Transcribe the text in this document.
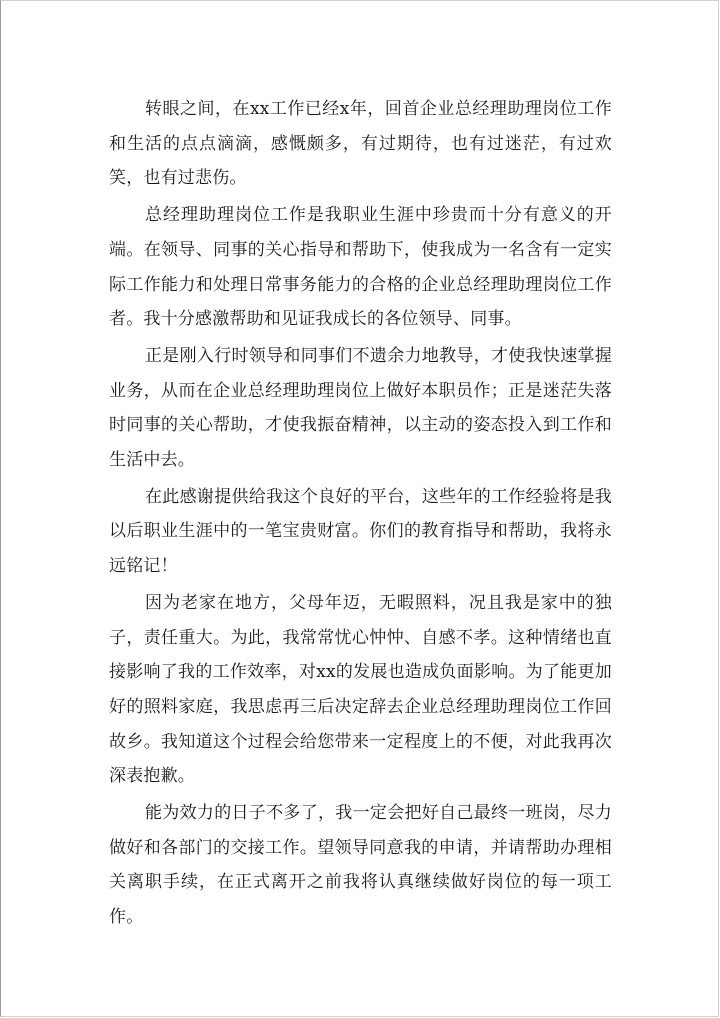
转眼之间，在xx工作已经x年，回首企业总经理助理岗位工作和生活的点点滴滴，感慨颇多，有过期待，也有过迷茫，有过欢笑，也有过悲伤。

总经理助理岗位工作是我职业生涯中珍贵而十分有意义的开端。在领导、同事的关心指导和帮助下，使我成为一名含有一定实际工作能力和处理日常事务能力的合格的企业总经理助理岗位工作者。我十分感激帮助和见证我成长的各位领导、同事。

正是刚入行时领导和同事们不遗余力地教导，才使我快速掌握业务，从而在企业总经理助理岗位上做好本职员作；正是迷茫失落时同事的关心帮助，才使我振奋精神，以主动的姿态投入到工作和生活中去。

在此感谢提供给我这个良好的平台，这些年的工作经验将是我以后职业生涯中的一笔宝贵财富。你们的教育指导和帮助，我将永远铭记！

因为老家在地方，父母年迈，无暇照料，况且我是家中的独子，责任重大。为此，我常常忧心忡忡、自感不孝。这种情绪也直接影响了我的工作效率，对xx的发展也造成负面影响。为了能更加好的照料家庭，我思虑再三后决定辞去企业总经理助理岗位工作回故乡。我知道这个过程会给您带来一定程度上的不便，对此我再次深表抱歉。

能为效力的日子不多了，我一定会把好自己最终一班岗，尽力做好和各部门的交接工作。望领导同意我的申请，并请帮助办理相关离职手续，在正式离开之前我将认真继续做好岗位的每一项工作。
